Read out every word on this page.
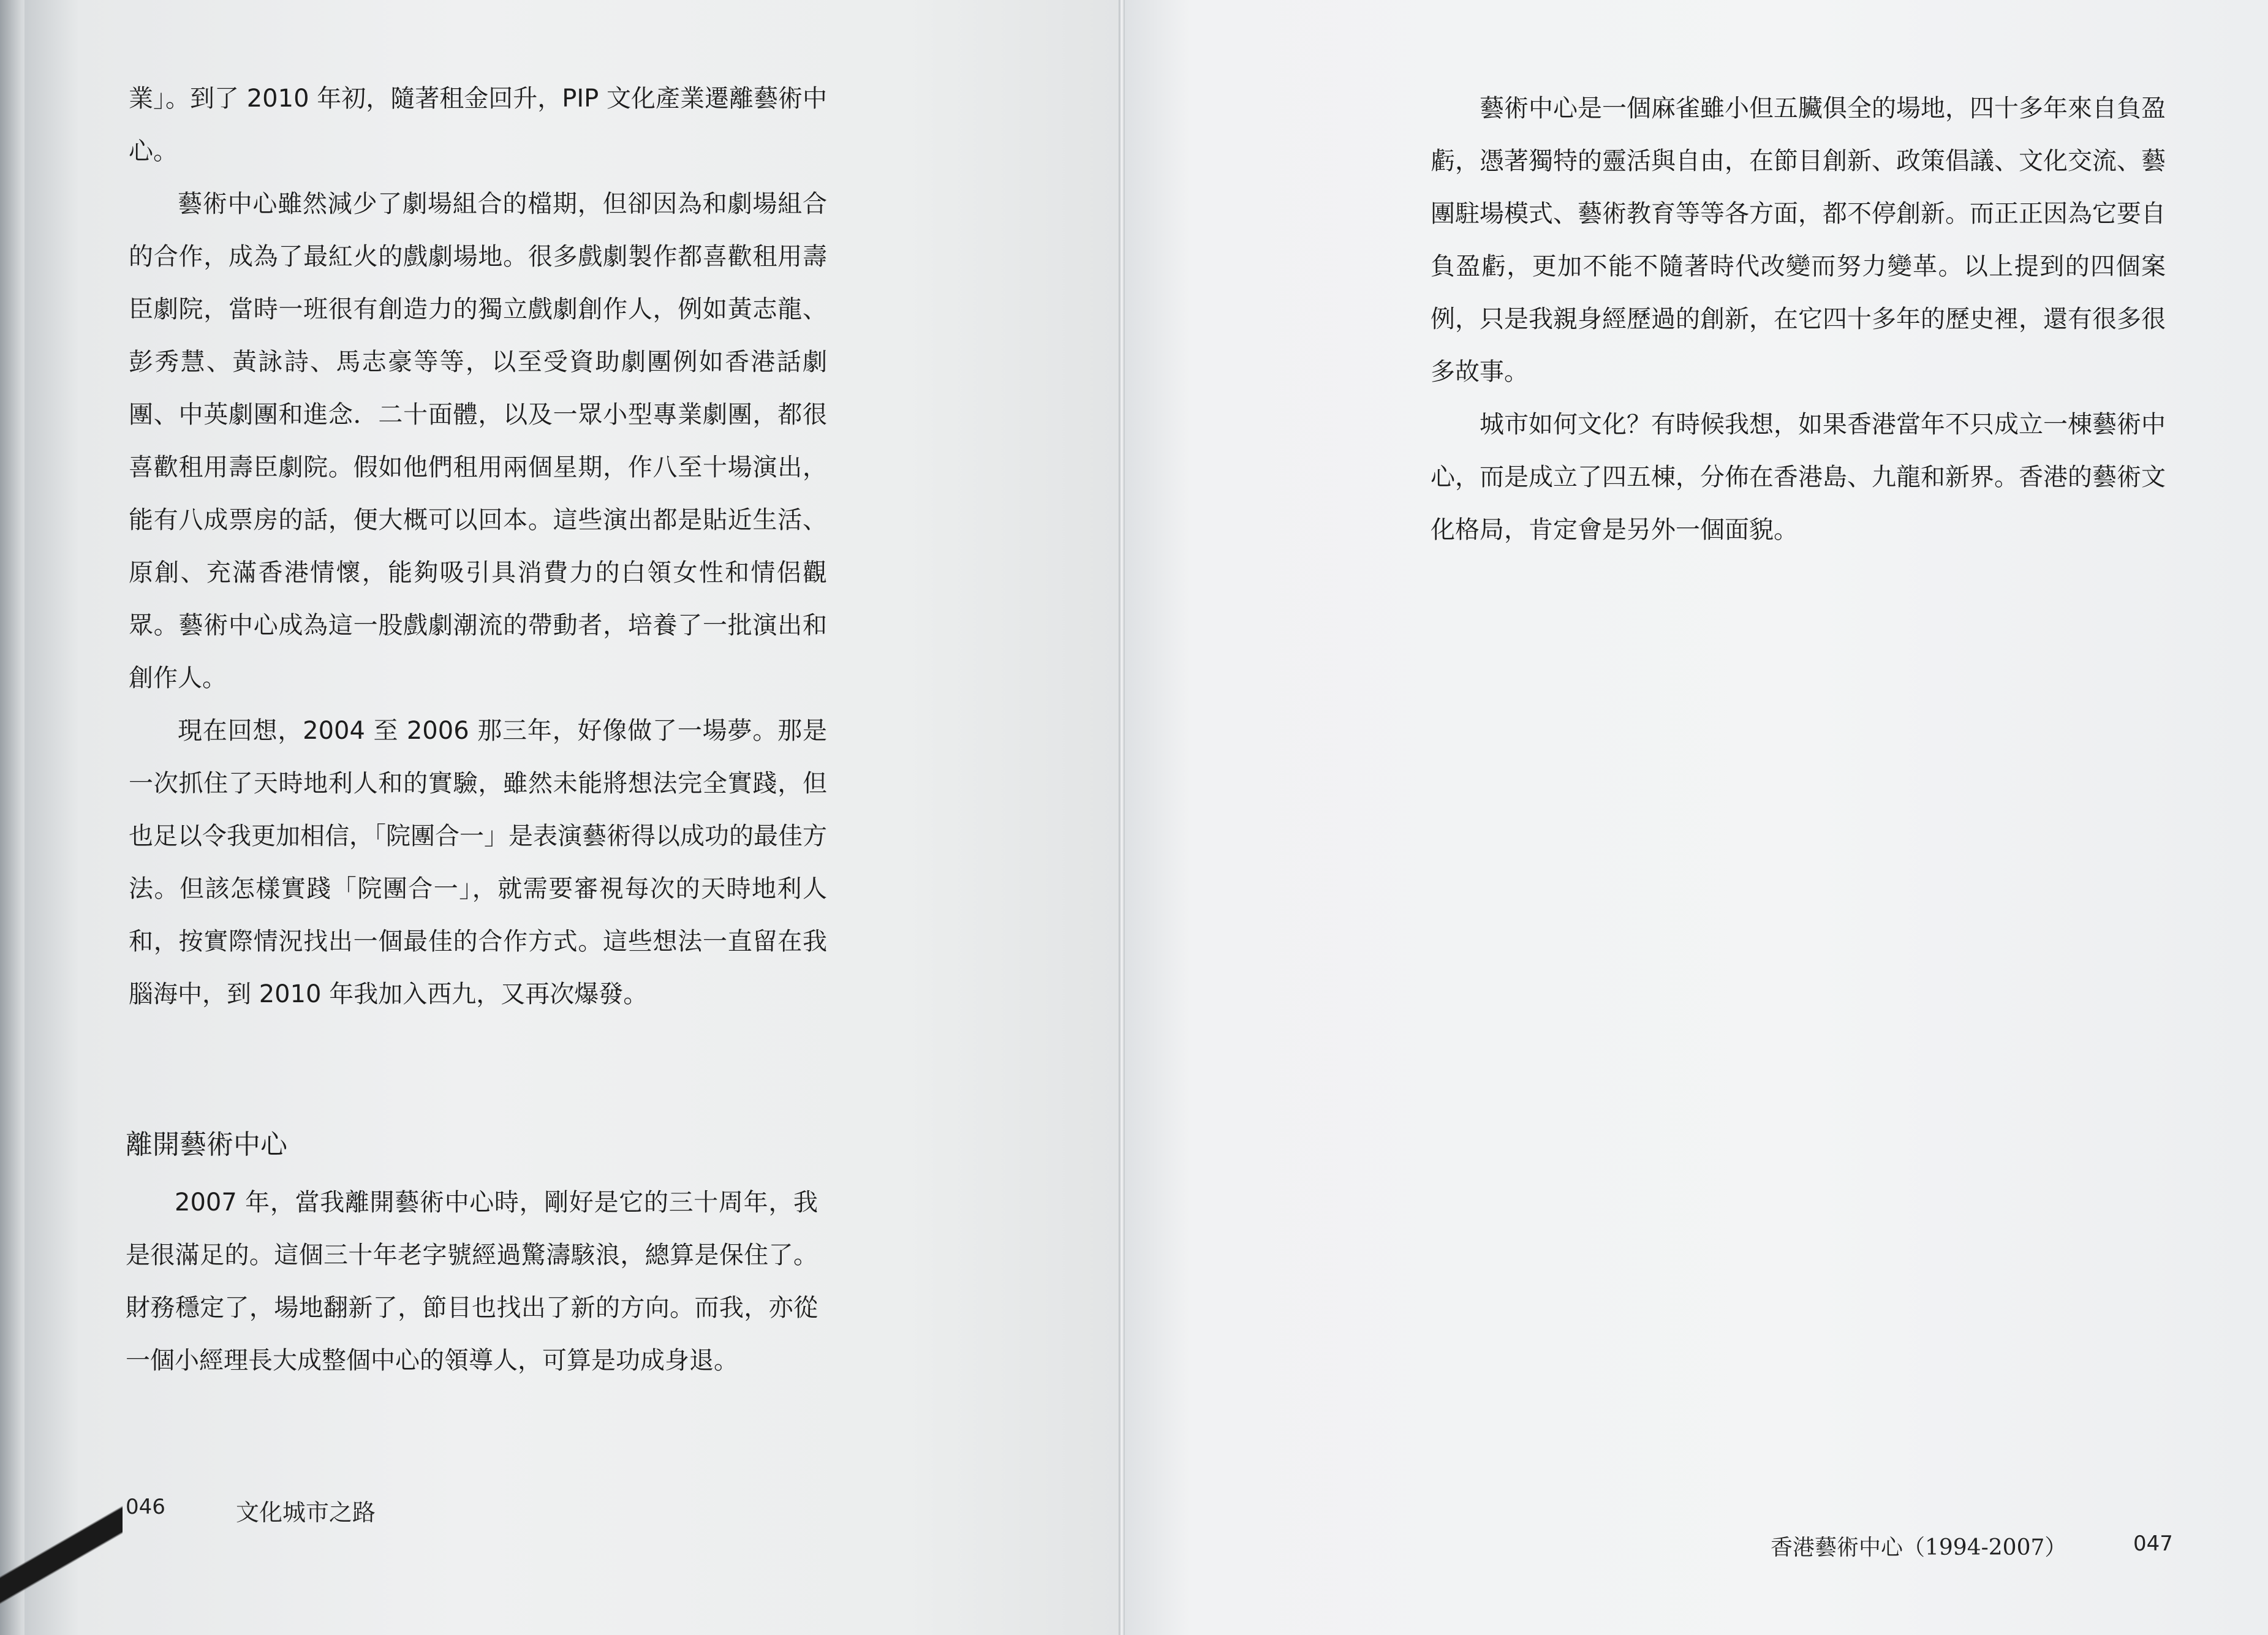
業」。到了 2010 年初，隨著租金回升，PIP 文化產業遷離藝術中心。

藝術中心雖然減少了劇場組合的檔期，但卻因為和劇場組合的合作，成為了最紅火的戲劇場地。很多戲劇製作都喜歡租用壽臣劇院，當時一班很有創造力的獨立戲劇創作人，例如黃志龍、彭秀慧、黃詠詩、馬志豪等等，以至受資助劇團例如香港話劇團、中英劇團和進念．二十面體，以及一眾小型專業劇團，都很喜歡租用壽臣劇院。假如他們租用兩個星期，作八至十場演出，能有八成票房的話，便大概可以回本。這些演出都是貼近生活、原創、充滿香港情懷，能夠吸引具消費力的白領女性和情侶觀眾。藝術中心成為這一股戲劇潮流的帶動者，培養了一批演出和創作人。

現在回想，2004 至 2006 那三年，好像做了一場夢。那是一次抓住了天時地利人和的實驗，雖然未能將想法完全實踐，但也足以令我更加相信，「院團合一」是表演藝術得以成功的最佳方法。但該怎樣實踐「院團合一」，就需要審視每次的天時地利人和，按實際情況找出一個最佳的合作方式。這些想法一直留在我腦海中，到 2010 年我加入西九，又再次爆發。

離開藝術中心

2007 年，當我離開藝術中心時，剛好是它的三十周年，我是很滿足的。這個三十年老字號經過驚濤駭浪，總算是保住了。財務穩定了，場地翻新了，節目也找出了新的方向。而我，亦從一個小經理長大成整個中心的領導人，可算是功成身退。

046	文化城市之路

藝術中心是一個麻雀雖小但五臟俱全的場地，四十多年來自負盈虧，憑著獨特的靈活與自由，在節目創新、政策倡議、文化交流、藝團駐場模式、藝術教育等等各方面，都不停創新。而正正因為它要自負盈虧，更加不能不隨著時代改變而努力變革。以上提到的四個案例，只是我親身經歷過的創新，在它四十多年的歷史裡，還有很多很多故事。

城市如何文化？有時候我想，如果香港當年不只成立一棟藝術中心，而是成立了四五棟，分佈在香港島、九龍和新界。香港的藝術文化格局，肯定會是另外一個面貌。

香港藝術中心（1994-2007）	047
